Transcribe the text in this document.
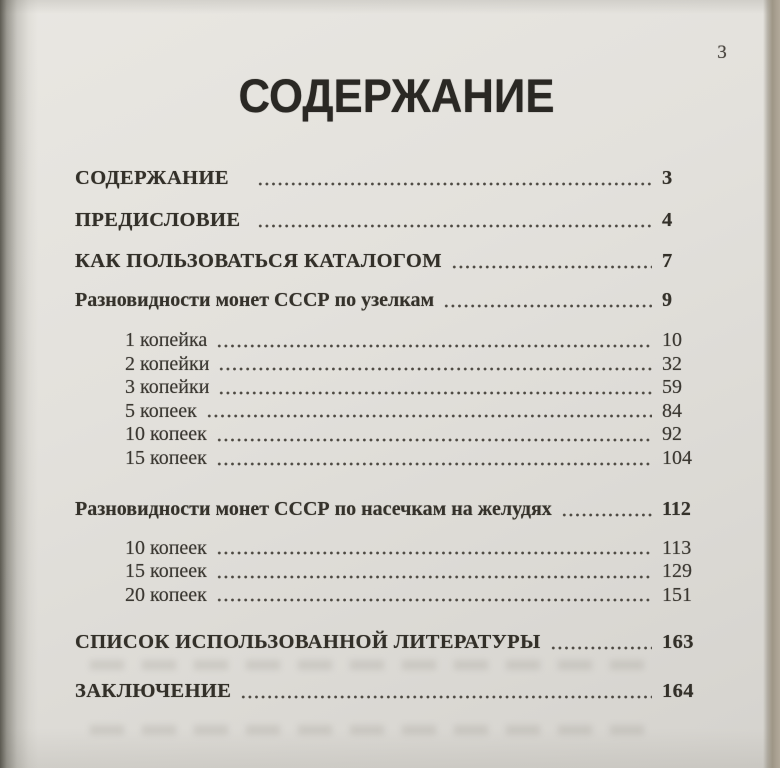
3
СОДЕРЖАНИЕ
СОДЕРЖАНИЕ	3
ПРЕДИСЛОВИЕ	4
КАК ПОЛЬЗОВАТЬСЯ КАТАЛОГОМ	7
Разновидности монет СССР по узелкам	9
1 копейка	10
2 копейки	32
3 копейки	59
5 копеек	84
10 копеек	92
15 копеек	104
Разновидности монет СССР по насечкам на желудях	112
10 копеек	113
15 копеек	129
20 копеек	151
СПИСОК ИСПОЛЬЗОВАННОЙ ЛИТЕРАТУРЫ	163
ЗАКЛЮЧЕНИЕ	164
